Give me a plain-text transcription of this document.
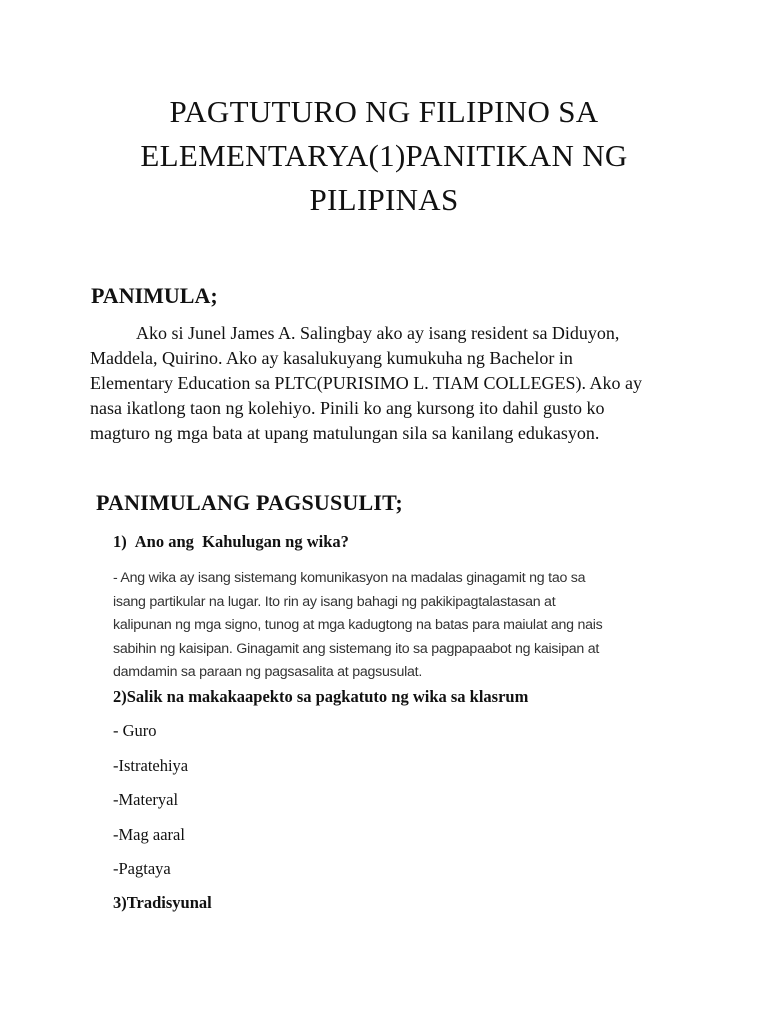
PAGTUTURO NG FILIPINO SA
ELEMENTARYA(1)PANITIKAN NG
PILIPINAS
PANIMULA;

Ako si Junel James A. Salingbay ako ay isang resident sa Diduyon,
Maddela, Quirino. Ako ay kasalukuyang kumukuha ng Bachelor in
Elementary Education sa PLTC(PURISIMO L. TIAM COLLEGES). Ako ay
nasa ikatlong taon ng kolehiyo. Pinili ko ang kursong ito dahil gusto ko
magturo ng mga bata at upang matulungan sila sa kanilang edukasyon.

PANIMULANG PAGSUSULIT;

1) Ano ang  Kahulugan ng wika?

- Ang wika ay isang sistemang komunikasyon na madalas ginagamit ng tao sa
isang partikular na lugar. Ito rin ay isang bahagi ng pakikipagtalastasan at
kalipunan ng mga signo, tunog at mga kadugtong na batas para maiulat ang nais
sabihin ng kaisipan. Ginagamit ang sistemang ito sa pagpapaabot ng kaisipan at
damdamin sa paraan ng pagsasalita at pagsusulat.

2)Salik na makakaapekto sa pagkatuto ng wika sa klasrum

- Guro
-Istratehiya
-Materyal
-Mag aaral
-Pagtaya

3)Tradisyunal
